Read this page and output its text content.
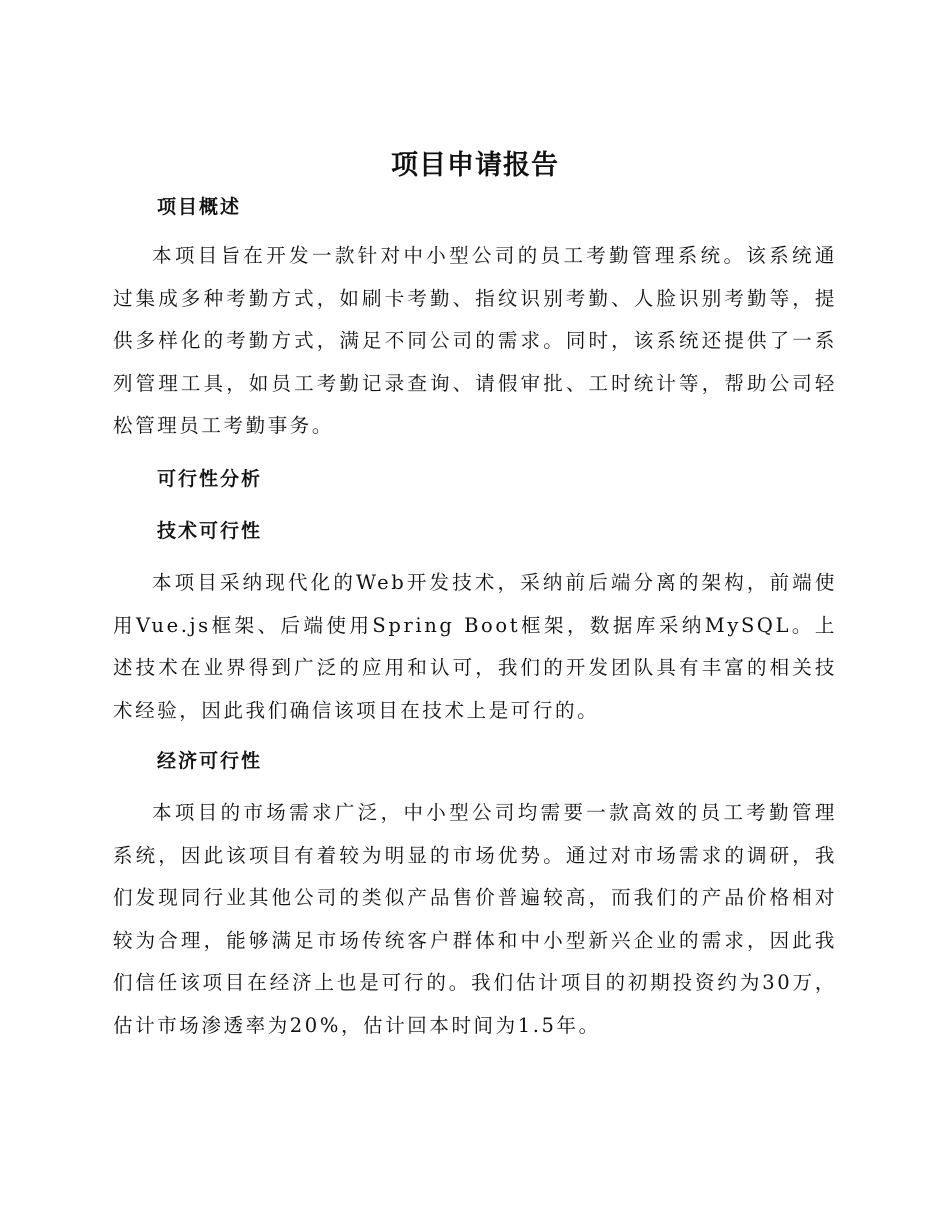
项目申请报告
项目概述

本项目旨在开发一款针对中小型公司的员工考勤管理系统。该系统通过集成多种考勤方式，如刷卡考勤、指纹识别考勤、人脸识别考勤等，提供多样化的考勤方式，满足不同公司的需求。同时，该系统还提供了一系列管理工具，如员工考勤记录查询、请假审批、工时统计等，帮助公司轻松管理员工考勤事务。

可行性分析
技术可行性

本项目采纳现代化的Web开发技术，采纳前后端分离的架构，前端使用Vue.js框架、后端使用Spring Boot框架，数据库采纳MySQL。上述技术在业界得到广泛的应用和认可，我们的开发团队具有丰富的相关技术经验，因此我们确信该项目在技术上是可行的。

经济可行性

本项目的市场需求广泛，中小型公司均需要一款高效的员工考勤管理系统，因此该项目有着较为明显的市场优势。通过对市场需求的调研，我们发现同行业其他公司的类似产品售价普遍较高，而我们的产品价格相对较为合理，能够满足市场传统客户群体和中小型新兴企业的需求，因此我们信任该项目在经济上也是可行的。我们估计项目的初期投资约为30万，估计市场渗透率为20%，估计回本时间为1.5年。
